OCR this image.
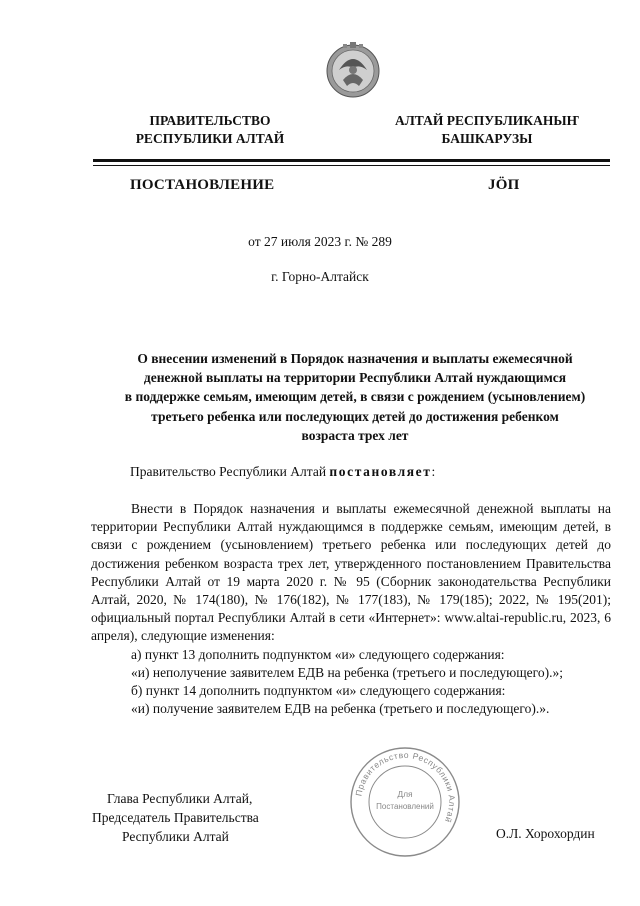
ПРАВИТЕЛЬСТВО
РЕСПУБЛИКИ АЛТАЙ
АЛТАЙ РЕСПУБЛИКАНЫҤ
БАШКАРУЗЫ
ПОСТАНОВЛЕНИЕ	JÖП
от 27 июля 2023 г. № 289
г. Горно-Алтайск
О внесении изменений в Порядок назначения и выплаты ежемесячной
денежной выплаты на территории Республики Алтай нуждающимся
в поддержке семьям, имеющим детей, в связи с рождением (усыновлением)
третьего ребенка или последующих детей до достижения ребенком
возраста трех лет
Правительство Республики Алтай постановляет:

Внести в Порядок назначения и выплаты ежемесячной денежной выплаты на территории Республики Алтай нуждающимся в поддержке семьям, имеющим детей, в связи с рождением (усыновлением) третьего ребенка или последующих детей до достижения ребенком возраста трех лет, утвержденного постановлением Правительства Республики Алтай от 19 марта 2020 г. № 95 (Сборник законодательства Республики Алтай, 2020, № 174(180), № 176(182), № 177(183), № 179(185); 2022, № 195(201); официальный портал Республики Алтай в сети «Интернет»: www.altai-republic.ru, 2023, 6 апреля), следующие изменения:

а) пункт 13 дополнить подпунктом «и» следующего содержания:

«и) неполучение заявителем ЕДВ на ребенка (третьего и последующего).»;

б) пункт 14 дополнить подпунктом «и» следующего содержания:

«и) получение заявителем ЕДВ на ребенка (третьего и последующего).».

Глава Республики Алтай,
Председатель Правительства
Республики Алтай	О.Л. Хорохордин
Правительство Республики Алтай
Для
Постановлений
